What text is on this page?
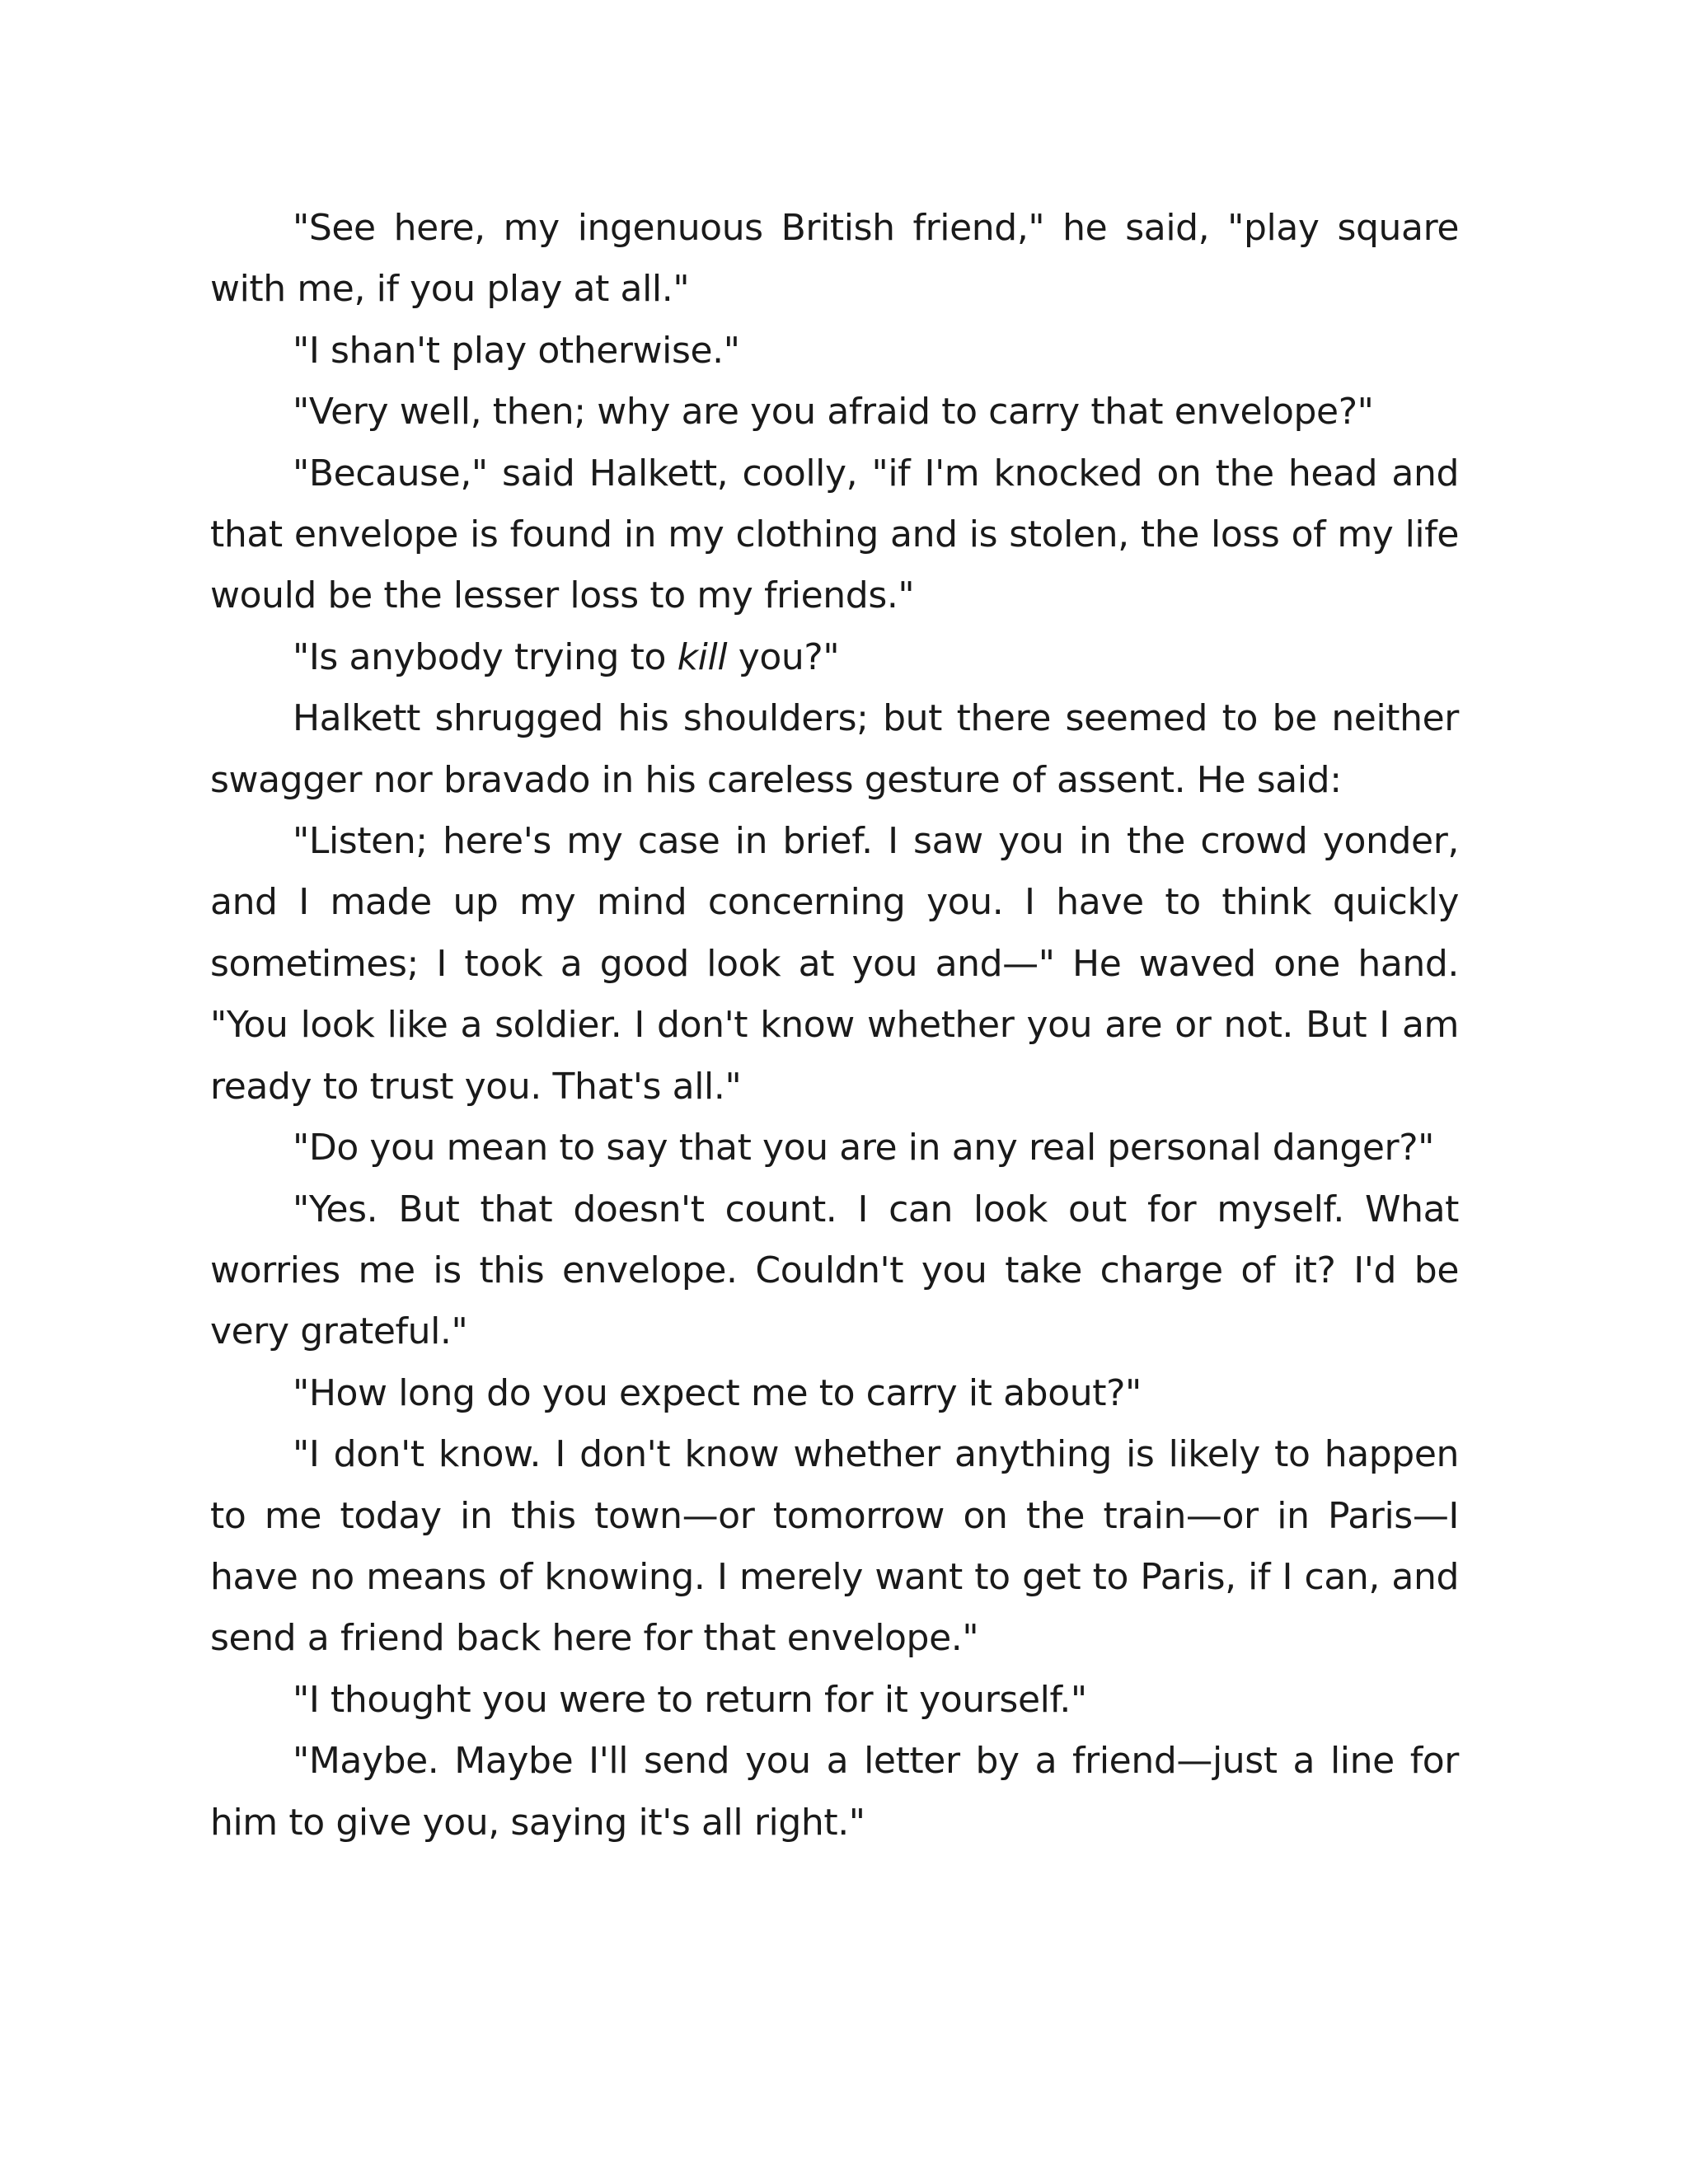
"See here, my ingenuous British friend," he said, "play square with me, if you play at all."

"I shan't play otherwise."

"Very well, then; why are you afraid to carry that envelope?"

"Because," said Halkett, coolly, "if I'm knocked on the head and that envelope is found in my clothing and is stolen, the loss of my life would be the lesser loss to my friends."

"Is anybody trying to kill you?"

Halkett shrugged his shoulders; but there seemed to be neither swagger nor bravado in his careless gesture of assent. He said:

"Listen; here's my case in brief. I saw you in the crowd yonder, and I made up my mind concerning you. I have to think quickly sometimes; I took a good look at you and—" He waved one hand. "You look like a soldier. I don't know whether you are or not. But I am ready to trust you. That's all."

"Do you mean to say that you are in any real personal danger?"

"Yes. But that doesn't count. I can look out for myself. What worries me is this envelope. Couldn't you take charge of it? I'd be very grateful."

"How long do you expect me to carry it about?"

"I don't know. I don't know whether anything is likely to happen to me today in this town—or tomorrow on the train—or in Paris—I have no means of knowing. I merely want to get to Paris, if I can, and send a friend back here for that envelope."

"I thought you were to return for it yourself."

"Maybe. Maybe I'll send you a letter by a friend—just a line for him to give you, saying it's all right."
